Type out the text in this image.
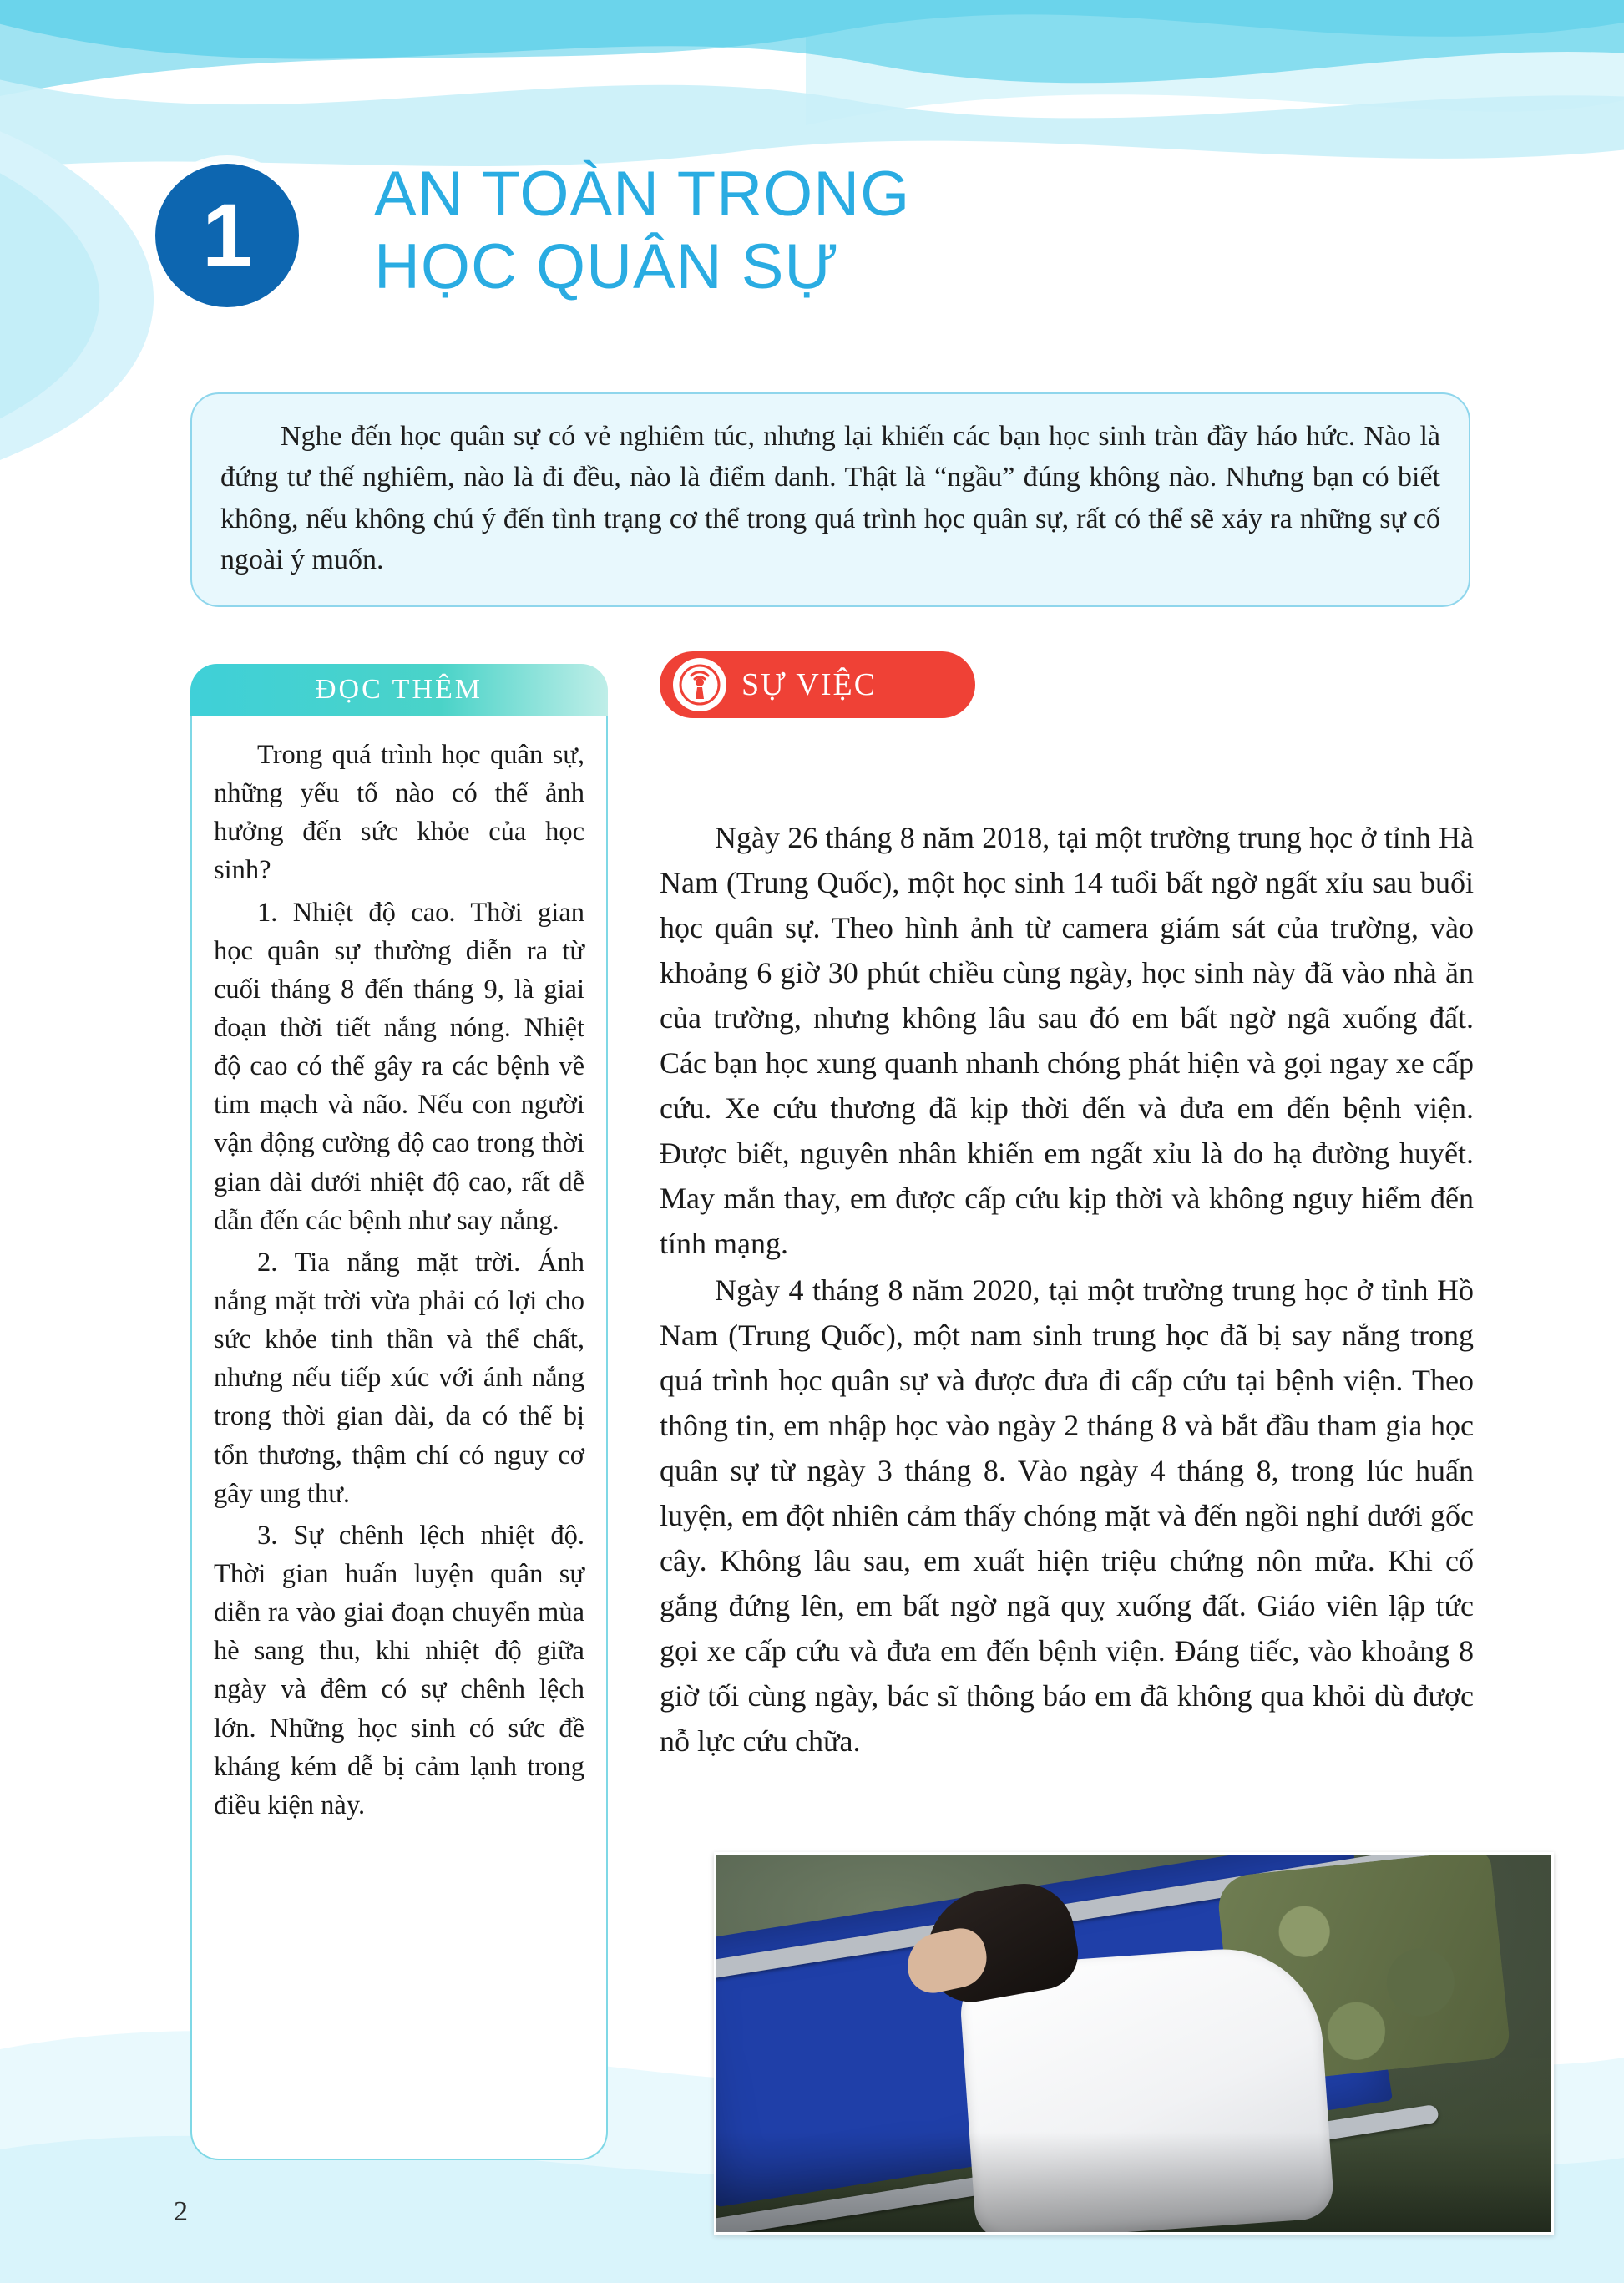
1	AN TOÀN TRONG
HỌC QUÂN SỰ

Nghe đến học quân sự có vẻ nghiêm túc, nhưng lại khiến các bạn học sinh tràn đầy háo hức. Nào là đứng tư thế nghiêm, nào là đi đều, nào là điểm danh. Thật là “ngầu” đúng không nào. Nhưng bạn có biết không, nếu không chú ý đến tình trạng cơ thể trong quá trình học quân sự, rất có thể sẽ xảy ra những sự cố ngoài ý muốn.

ĐỌC THÊM

Trong quá trình học quân sự, những yếu tố nào có thể ảnh hưởng đến sức khỏe của học sinh?

1. Nhiệt độ cao. Thời gian học quân sự thường diễn ra từ cuối tháng 8 đến tháng 9, là giai đoạn thời tiết nắng nóng. Nhiệt độ cao có thể gây ra các bệnh về tim mạch và não. Nếu con người vận động cường độ cao trong thời gian dài dưới nhiệt độ cao, rất dễ dẫn đến các bệnh như say nắng.

2. Tia nắng mặt trời. Ánh nắng mặt trời vừa phải có lợi cho sức khỏe tinh thần và thể chất, nhưng nếu tiếp xúc với ánh nắng trong thời gian dài, da có thể bị tổn thương, thậm chí có nguy cơ gây ung thư.

3. Sự chênh lệch nhiệt độ. Thời gian huấn luyện quân sự diễn ra vào giai đoạn chuyển mùa hè sang thu, khi nhiệt độ giữa ngày và đêm có sự chênh lệch lớn. Những học sinh có sức đề kháng kém dễ bị cảm lạnh trong điều kiện này.

SỰ VIỆC

Ngày 26 tháng 8 năm 2018, tại một trường trung học ở tỉnh Hà Nam (Trung Quốc), một học sinh 14 tuổi bất ngờ ngất xỉu sau buổi học quân sự. Theo hình ảnh từ camera giám sát của trường, vào khoảng 6 giờ 30 phút chiều cùng ngày, học sinh này đã vào nhà ăn của trường, nhưng không lâu sau đó em bất ngờ ngã xuống đất. Các bạn học xung quanh nhanh chóng phát hiện và gọi ngay xe cấp cứu. Xe cứu thương đã kịp thời đến và đưa em đến bệnh viện. Được biết, nguyên nhân khiến em ngất xỉu là do hạ đường huyết. May mắn thay, em được cấp cứu kịp thời và không nguy hiểm đến tính mạng.

Ngày 4 tháng 8 năm 2020, tại một trường trung học ở tỉnh Hồ Nam (Trung Quốc), một nam sinh trung học đã bị say nắng trong quá trình học quân sự và được đưa đi cấp cứu tại bệnh viện. Theo thông tin, em nhập học vào ngày 2 tháng 8 và bắt đầu tham gia học quân sự từ ngày 3 tháng 8. Vào ngày 4 tháng 8, trong lúc huấn luyện, em đột nhiên cảm thấy chóng mặt và đến ngồi nghỉ dưới gốc cây. Không lâu sau, em xuất hiện triệu chứng nôn mửa. Khi cố gắng đứng lên, em bất ngờ ngã quỵ xuống đất. Giáo viên lập tức gọi xe cấp cứu và đưa em đến bệnh viện. Đáng tiếc, vào khoảng 8 giờ tối cùng ngày, bác sĩ thông báo em đã không qua khỏi dù được nỗ lực cứu chữa.

2
